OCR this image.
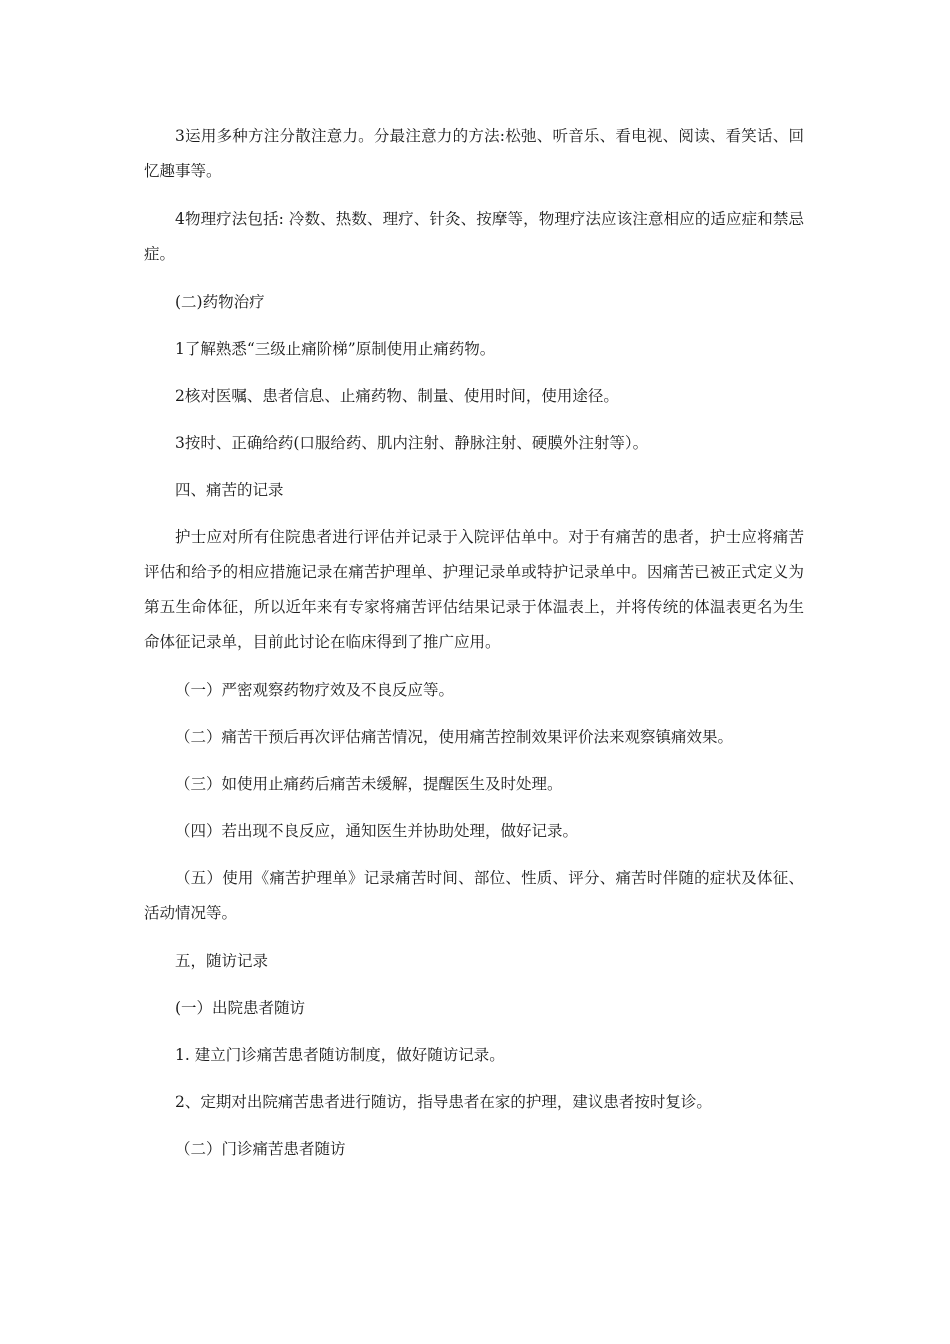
3运用多种方注分散注意力。分最注意力的方法:松弛、听音乐、看电视、阅读、看笑话、回忆趣事等。

4物理疗法包括: 冷数、热数、理疗、针灸、按摩等，物理疗法应该注意相应的适应症和禁忌症。

(二)药物治疗

1了解熟悉“三级止痛阶梯”原制使用止痛药物。

2核对医嘱、患者信息、止痛药物、制量、使用时间，使用途径。

3按时、正确给药(口服给药、肌内注射、静脉注射、硬膜外注射等）。

四、痛苦的记录

护士应对所有住院患者进行评估并记录于入院评估单中。对于有痛苦的患者，护士应将痛苦评估和给予的相应措施记录在痛苦护理单、护理记录单或特护记录单中。因痛苦已被正式定义为第五生命体征，所以近年来有专家将痛苦评估结果记录于体温表上，并将传统的体温表更名为生命体征记录单，目前此讨论在临床得到了推广应用。

（一）严密观察药物疗效及不良反应等。

（二）痛苦干预后再次评估痛苦情况，使用痛苦控制效果评价法来观察镇痛效果。

（三）如使用止痛药后痛苦未缓解，提醒医生及时处理。

（四）若出现不良反应，通知医生并协助处理，做好记录。

（五）使用《痛苦护理单》记录痛苦时间、部位、性质、评分、痛苦时伴随的症状及体征、活动情况等。

五，随访记录

(一）出院患者随访

1. 建立门诊痛苦患者随访制度，做好随访记录。

2、定期对出院痛苦患者进行随访，指导患者在家的护理，建议患者按时复诊。

（二）门诊痛苦患者随访
